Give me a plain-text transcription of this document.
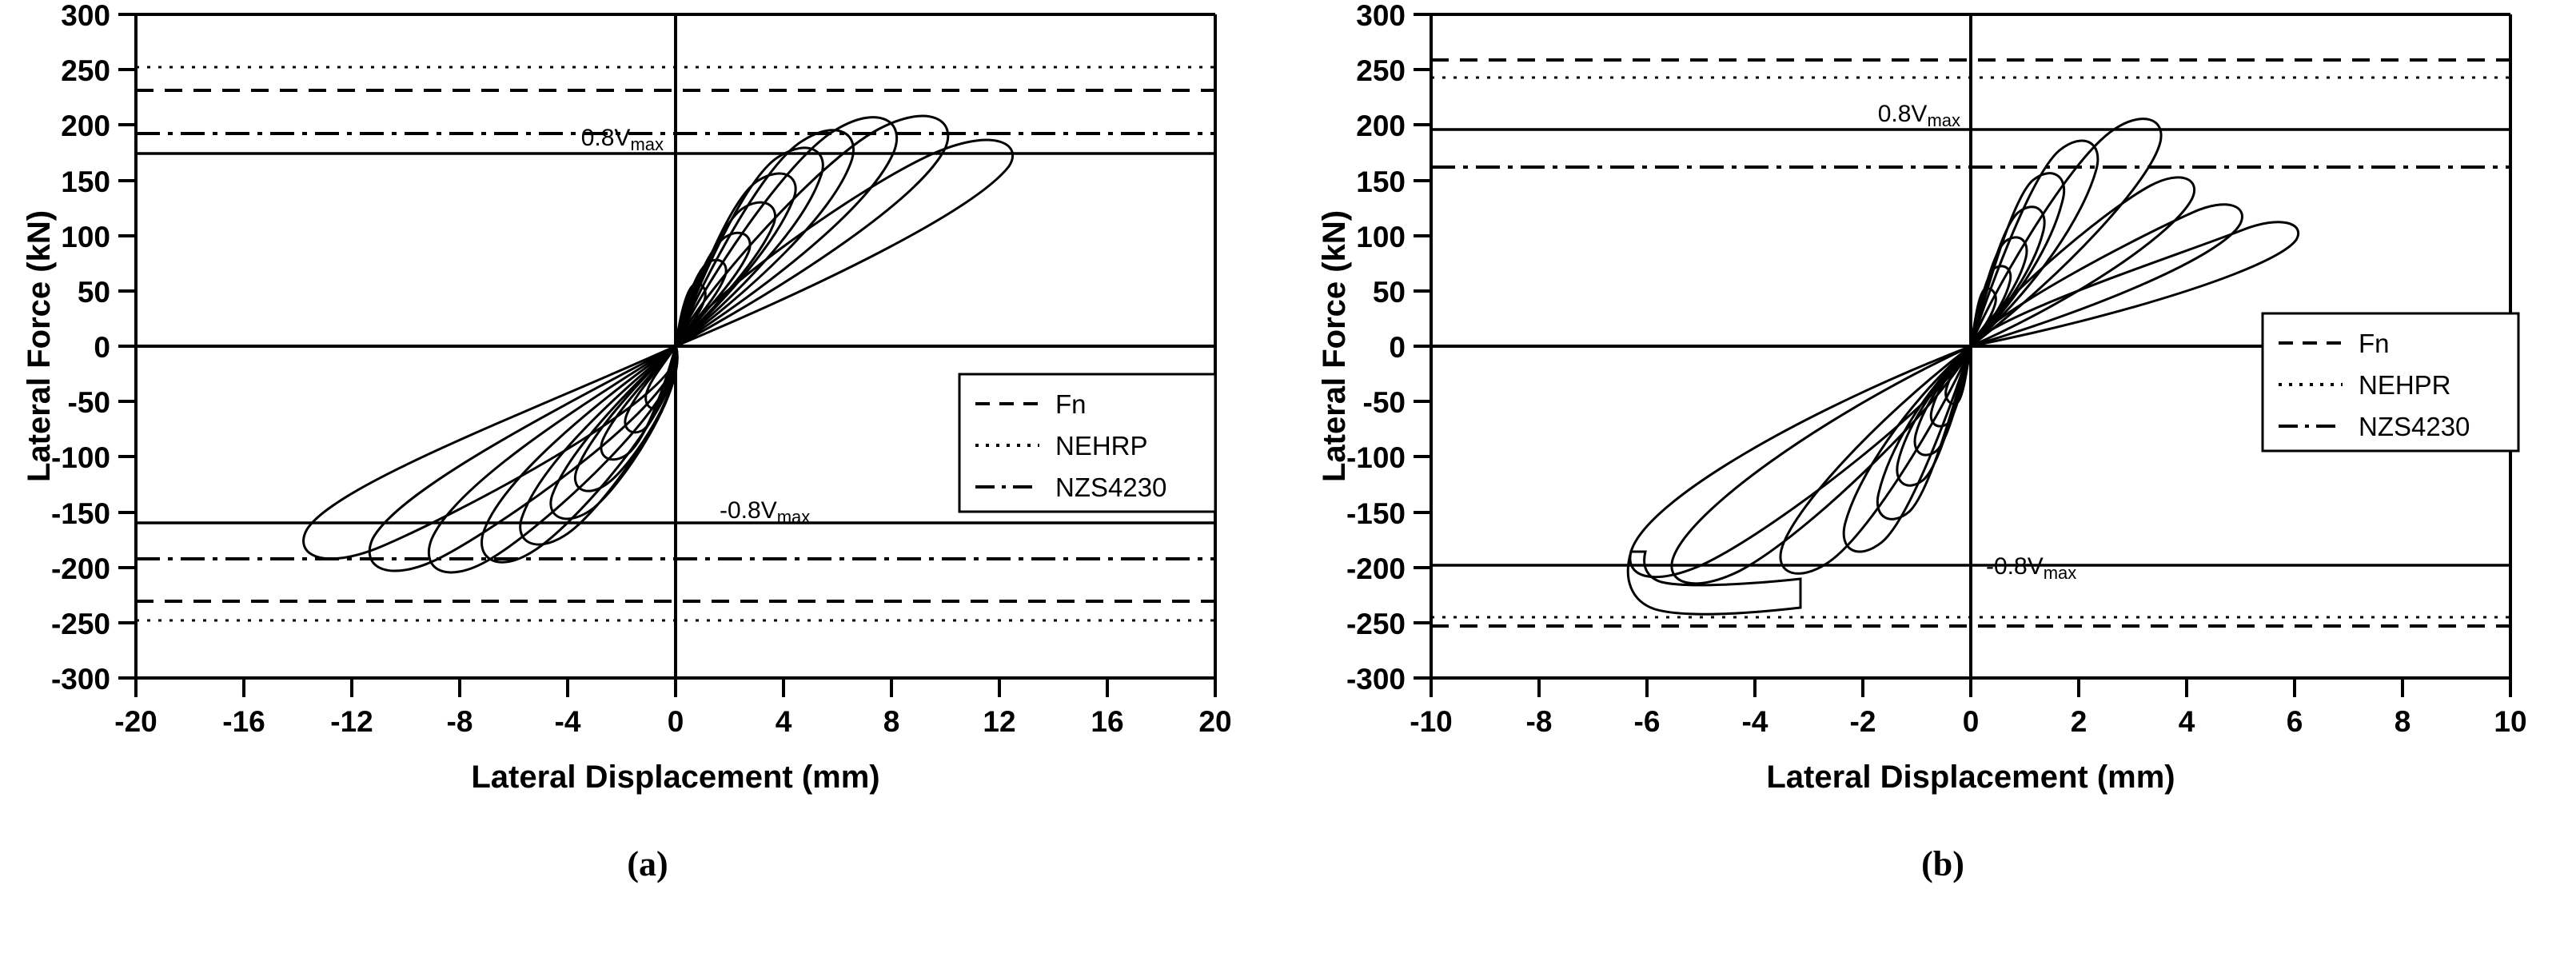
300
250
200
150
100
50
0
-50
-100
-150
-200
-250
-300
-20 -16 -12 -8	-4	0	4	8	12	16	20
$0.8V_{max}$
$-0.8V_{max}$
Fn
NEHRP
NZS4230
Lateral Displacement (mm)
Lateral Force (kN)
(a)
300
250
200
150
100
50
0
-50
-100
-150
-200
-250
-300
-10 -8	-6	-4	-2	0	2	4	6	8	10
$0.8V_{max}$
$-0.8V_{max}$
Fn
NEHPR
NZS4230
Lateral Displacement (mm)
Lateral Force (kN)
(b)
